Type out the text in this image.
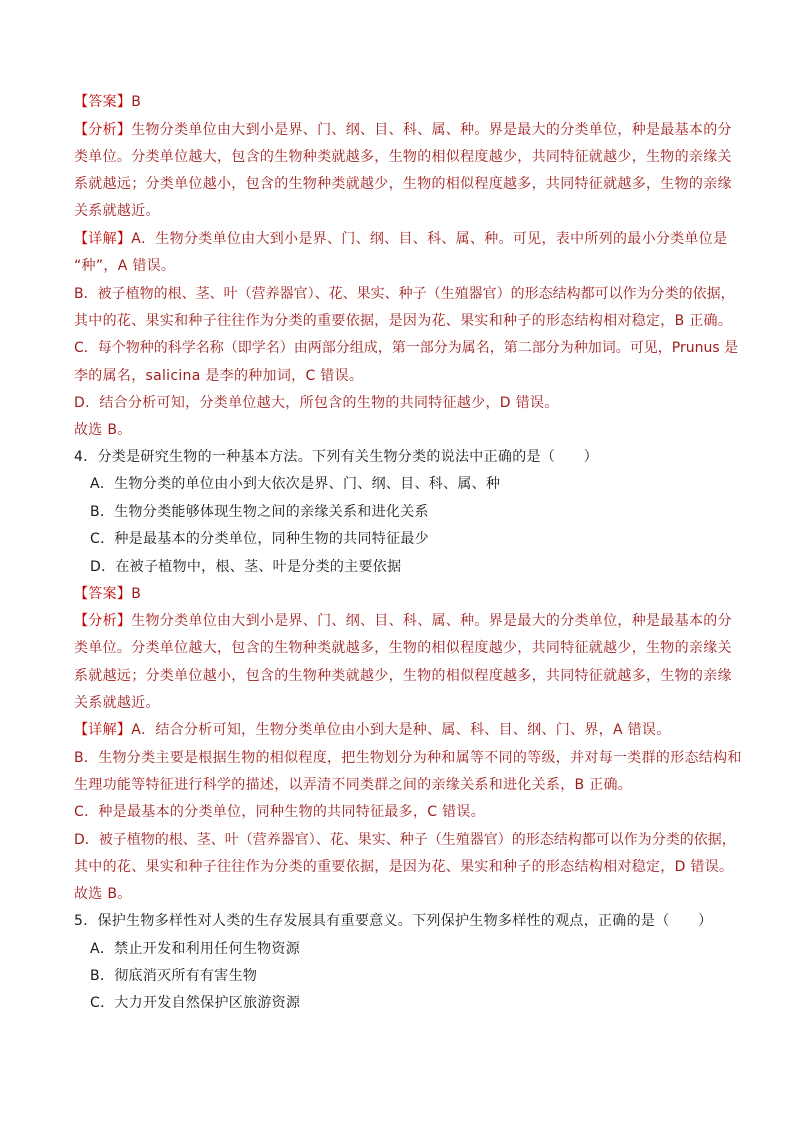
【答案】B
【分析】生物分类单位由大到小是界、门、纲、目、科、属、种。界是最大的分类单位，种是最基本的分
类单位。分类单位越大，包含的生物种类就越多，生物的相似程度越少，共同特征就越少，生物的亲缘关
系就越远；分类单位越小，包含的生物种类就越少，生物的相似程度越多，共同特征就越多，生物的亲缘
关系就越近。
【详解】A．生物分类单位由大到小是界、门、纲、目、科、属、种。可见，表中所列的最小分类单位是
“种”，A 错误。
B．被子植物的根、茎、叶（营养器官）、花、果实、种子（生殖器官）的形态结构都可以作为分类的依据，
其中的花、果实和种子往往作为分类的重要依据，是因为花、果实和种子的形态结构相对稳定，B 正确。
C．每个物种的科学名称（即学名）由两部分组成，第一部分为属名，第二部分为种加词。可见，Prunus 是
李的属名，salicina 是李的种加词，C 错误。
D．结合分析可知，分类单位越大，所包含的生物的共同特征越少，D 错误。
故选 B。
4．分类是研究生物的一种基本方法。下列有关生物分类的说法中正确的是（　　）
A．生物分类的单位由小到大依次是界、门、纲、目、科、属、种
B．生物分类能够体现生物之间的亲缘关系和进化关系
C．种是最基本的分类单位，同种生物的共同特征最少
D．在被子植物中，根、茎、叶是分类的主要依据
【答案】B
【分析】生物分类单位由大到小是界、门、纲、目、科、属、种。界是最大的分类单位，种是最基本的分
类单位。分类单位越大，包含的生物种类就越多，生物的相似程度越少，共同特征就越少，生物的亲缘关
系就越远；分类单位越小，包含的生物种类就越少，生物的相似程度越多，共同特征就越多，生物的亲缘
关系就越近。
【详解】A．结合分析可知，生物分类单位由小到大是种、属、科、目、纲、门、界，A 错误。
B．生物分类主要是根据生物的相似程度，把生物划分为种和属等不同的等级，并对每一类群的形态结构和
生理功能等特征进行科学的描述，以弄清不同类群之间的亲缘关系和进化关系，B 正确。
C．种是最基本的分类单位，同种生物的共同特征最多，C 错误。
D．被子植物的根、茎、叶（营养器官）、花、果实、种子（生殖器官）的形态结构都可以作为分类的依据，
其中的花、果实和种子往往作为分类的重要依据，是因为花、果实和种子的形态结构相对稳定，D 错误。
故选 B。
5．保护生物多样性对人类的生存发展具有重要意义。下列保护生物多样性的观点，正确的是（　　）
A．禁止开发和利用任何生物资源
B．彻底消灭所有有害生物
C．大力开发自然保护区旅游资源
